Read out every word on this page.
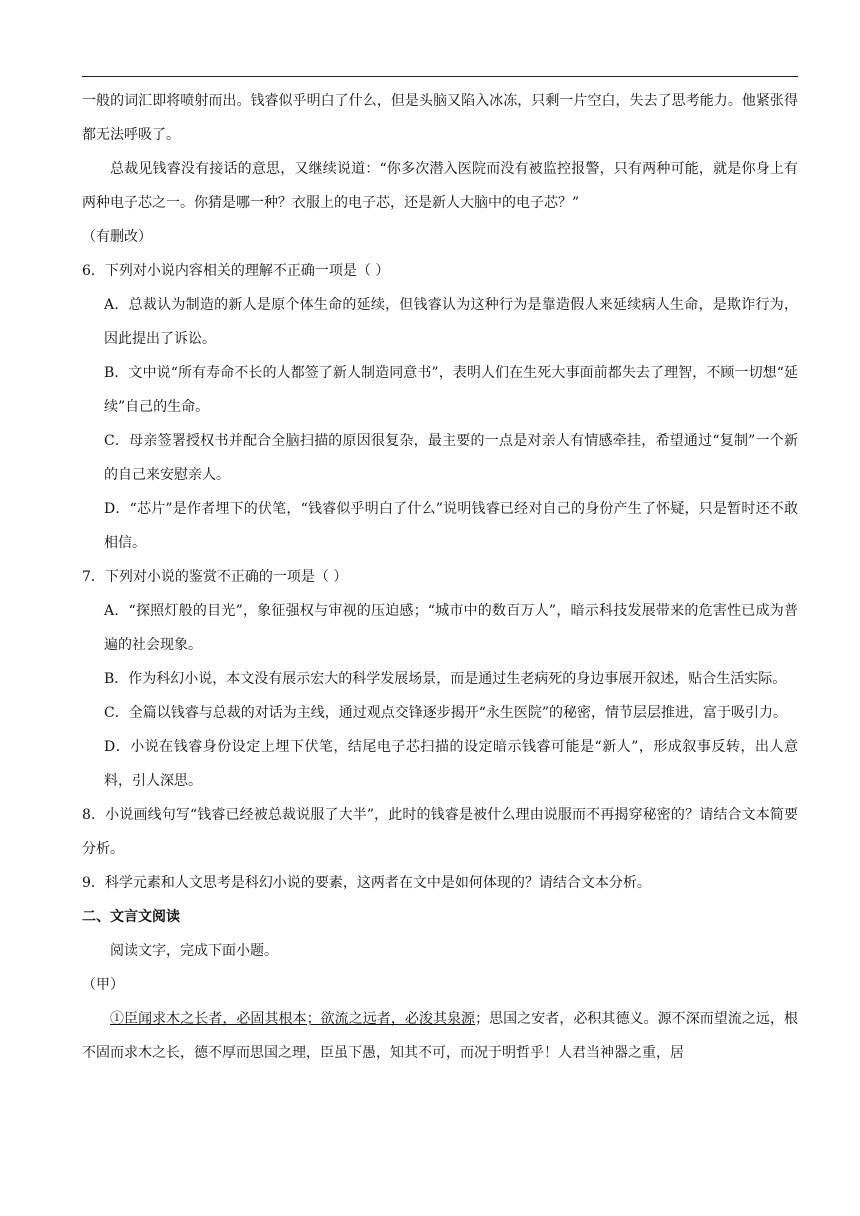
一般的词汇即将喷射而出。钱睿似乎明白了什么，但是头脑又陷入冰冻，只剩一片空白，失去了思考能力。他紧张得都无法呼吸了。

总裁见钱睿没有接话的意思，又继续说道：“你多次潜入医院而没有被监控报警，只有两种可能，就是你身上有两种电子芯之一。你猜是哪一种？衣服上的电子芯，还是新人大脑中的电子芯？”

（有删改）

6．下列对小说内容相关的理解不正确一项是（ ）

A．总裁认为制造的新人是原个体生命的延续，但钱睿认为这种行为是靠造假人来延续病人生命，是欺诈行为，因此提出了诉讼。

B．文中说“所有寿命不长的人都签了新人制造同意书”，表明人们在生死大事面前都失去了理智，不顾一切想“延续”自己的生命。

C．母亲签署授权书并配合全脑扫描的原因很复杂，最主要的一点是对亲人有情感牵挂，希望通过“复制”一个新的自己来安慰亲人。

D．“芯片”是作者埋下的伏笔，“钱睿似乎明白了什么”说明钱睿已经对自己的身份产生了怀疑，只是暂时还不敢相信。

7．下列对小说的鉴赏不正确的一项是（ ）

A．“探照灯般的目光”，象征强权与审视的压迫感；“城市中的数百万人”，暗示科技发展带来的危害性已成为普遍的社会现象。

B．作为科幻小说，本文没有展示宏大的科学发展场景，而是通过生老病死的身边事展开叙述，贴合生活实际。

C．全篇以钱睿与总裁的对话为主线，通过观点交锋逐步揭开“永生医院”的秘密，情节层层推进，富于吸引力。

D．小说在钱睿身份设定上埋下伏笔，结尾电子芯扫描的设定暗示钱睿可能是“新人”，形成叙事反转，出人意料，引人深思。

8．小说画线句写“钱睿已经被总裁说服了大半”，此时的钱睿是被什么理由说服而不再揭穿秘密的？请结合文本简要分析。

9．科学元素和人文思考是科幻小说的要素，这两者在文中是如何体现的？请结合文本分析。

二、文言文阅读

阅读文字，完成下面小题。

（甲）

①臣闻求木之长者，必固其根本；欲流之远者，必浚其泉源；思国之安者，必积其德义。源不深而望流之远，根不固而求木之长，德不厚而思国之理，臣虽下愚，知其不可，而况于明哲乎！人君当神器之重，居
